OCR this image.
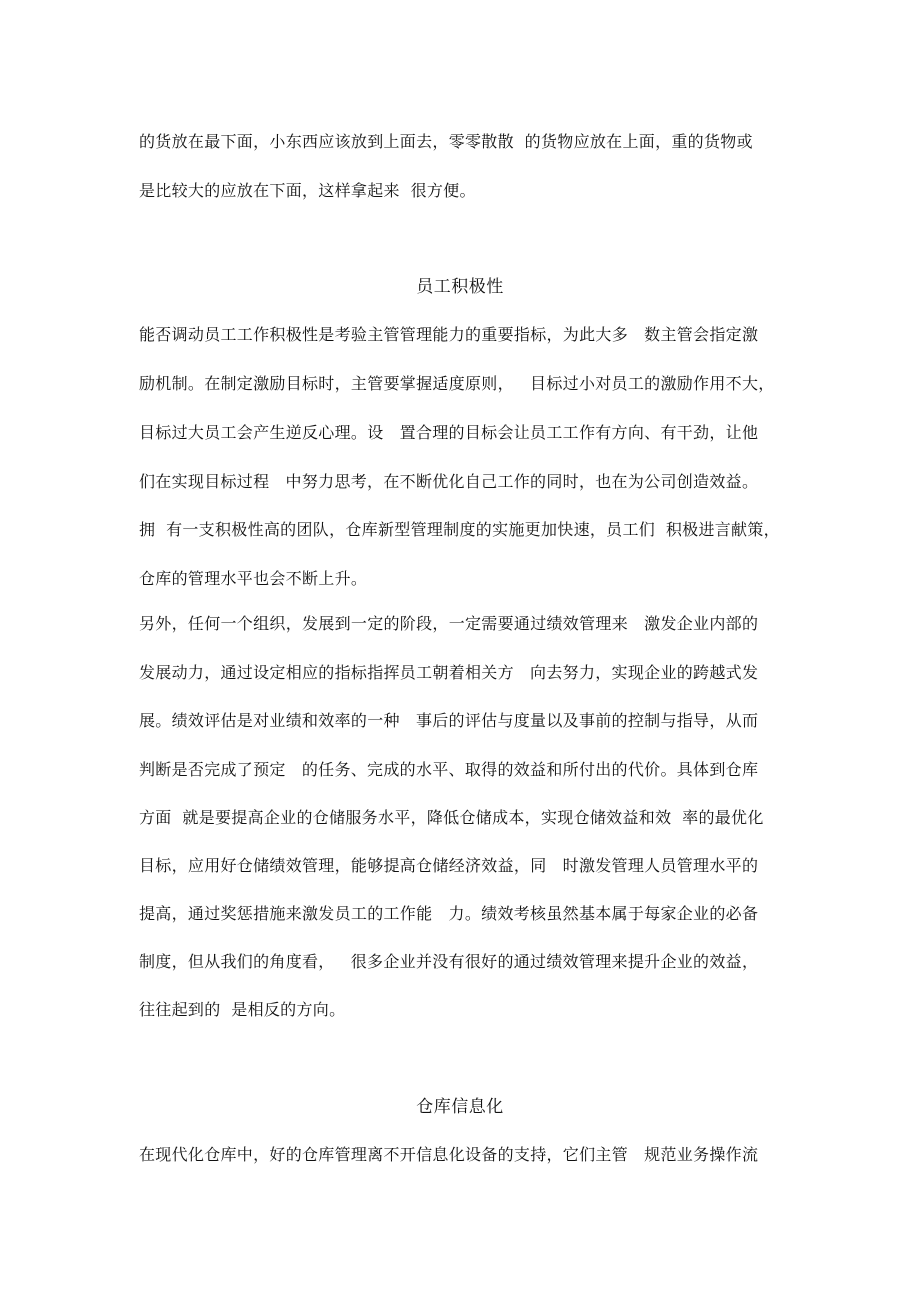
的货放在最下面，小东西应该放到上面去，零零散散  的货物应放在上面，重的货物或
是比较大的应放在下面，这样拿起来  很方便。
员工积极性
能否调动员工工作积极性是考验主管管理能力的重要指标，为此大多   数主管会指定激
励机制。在制定激励目标时，主管要掌握适度原则，   目标过小对员工的激励作用不大，
目标过大员工会产生逆反心理。设   置合理的目标会让员工工作有方向、有干劲，让他
们在实现目标过程   中努力思考，在不断优化自己工作的同时，也在为公司创造效益。
拥  有一支积极性高的团队，仓库新型管理制度的实施更加快速，员工们  积极进言献策，
仓库的管理水平也会不断上升。
另外，任何一个组织，发展到一定的阶段，一定需要通过绩效管理来   激发企业内部的
发展动力，通过设定相应的指标指挥员工朝着相关方   向去努力，实现企业的跨越式发
展。绩效评估是对业绩和效率的一种   事后的评估与度量以及事前的控制与指导，从而
判断是否完成了预定   的任务、完成的水平、取得的效益和所付出的代价。具体到仓库
方面  就是要提高企业的仓储服务水平，降低仓储成本，实现仓储效益和效  率的最优化
目标，应用好仓储绩效管理，能够提高仓储经济效益，同   时激发管理人员管理水平的
提高，通过奖惩措施来激发员工的工作能   力。绩效考核虽然基本属于每家企业的必备
制度，但从我们的角度看，   很多企业并没有很好的通过绩效管理来提升企业的效益，
往往起到的  是相反的方向。
仓库信息化
在现代化仓库中，好的仓库管理离不开信息化设备的支持，它们主管   规范业务操作流
